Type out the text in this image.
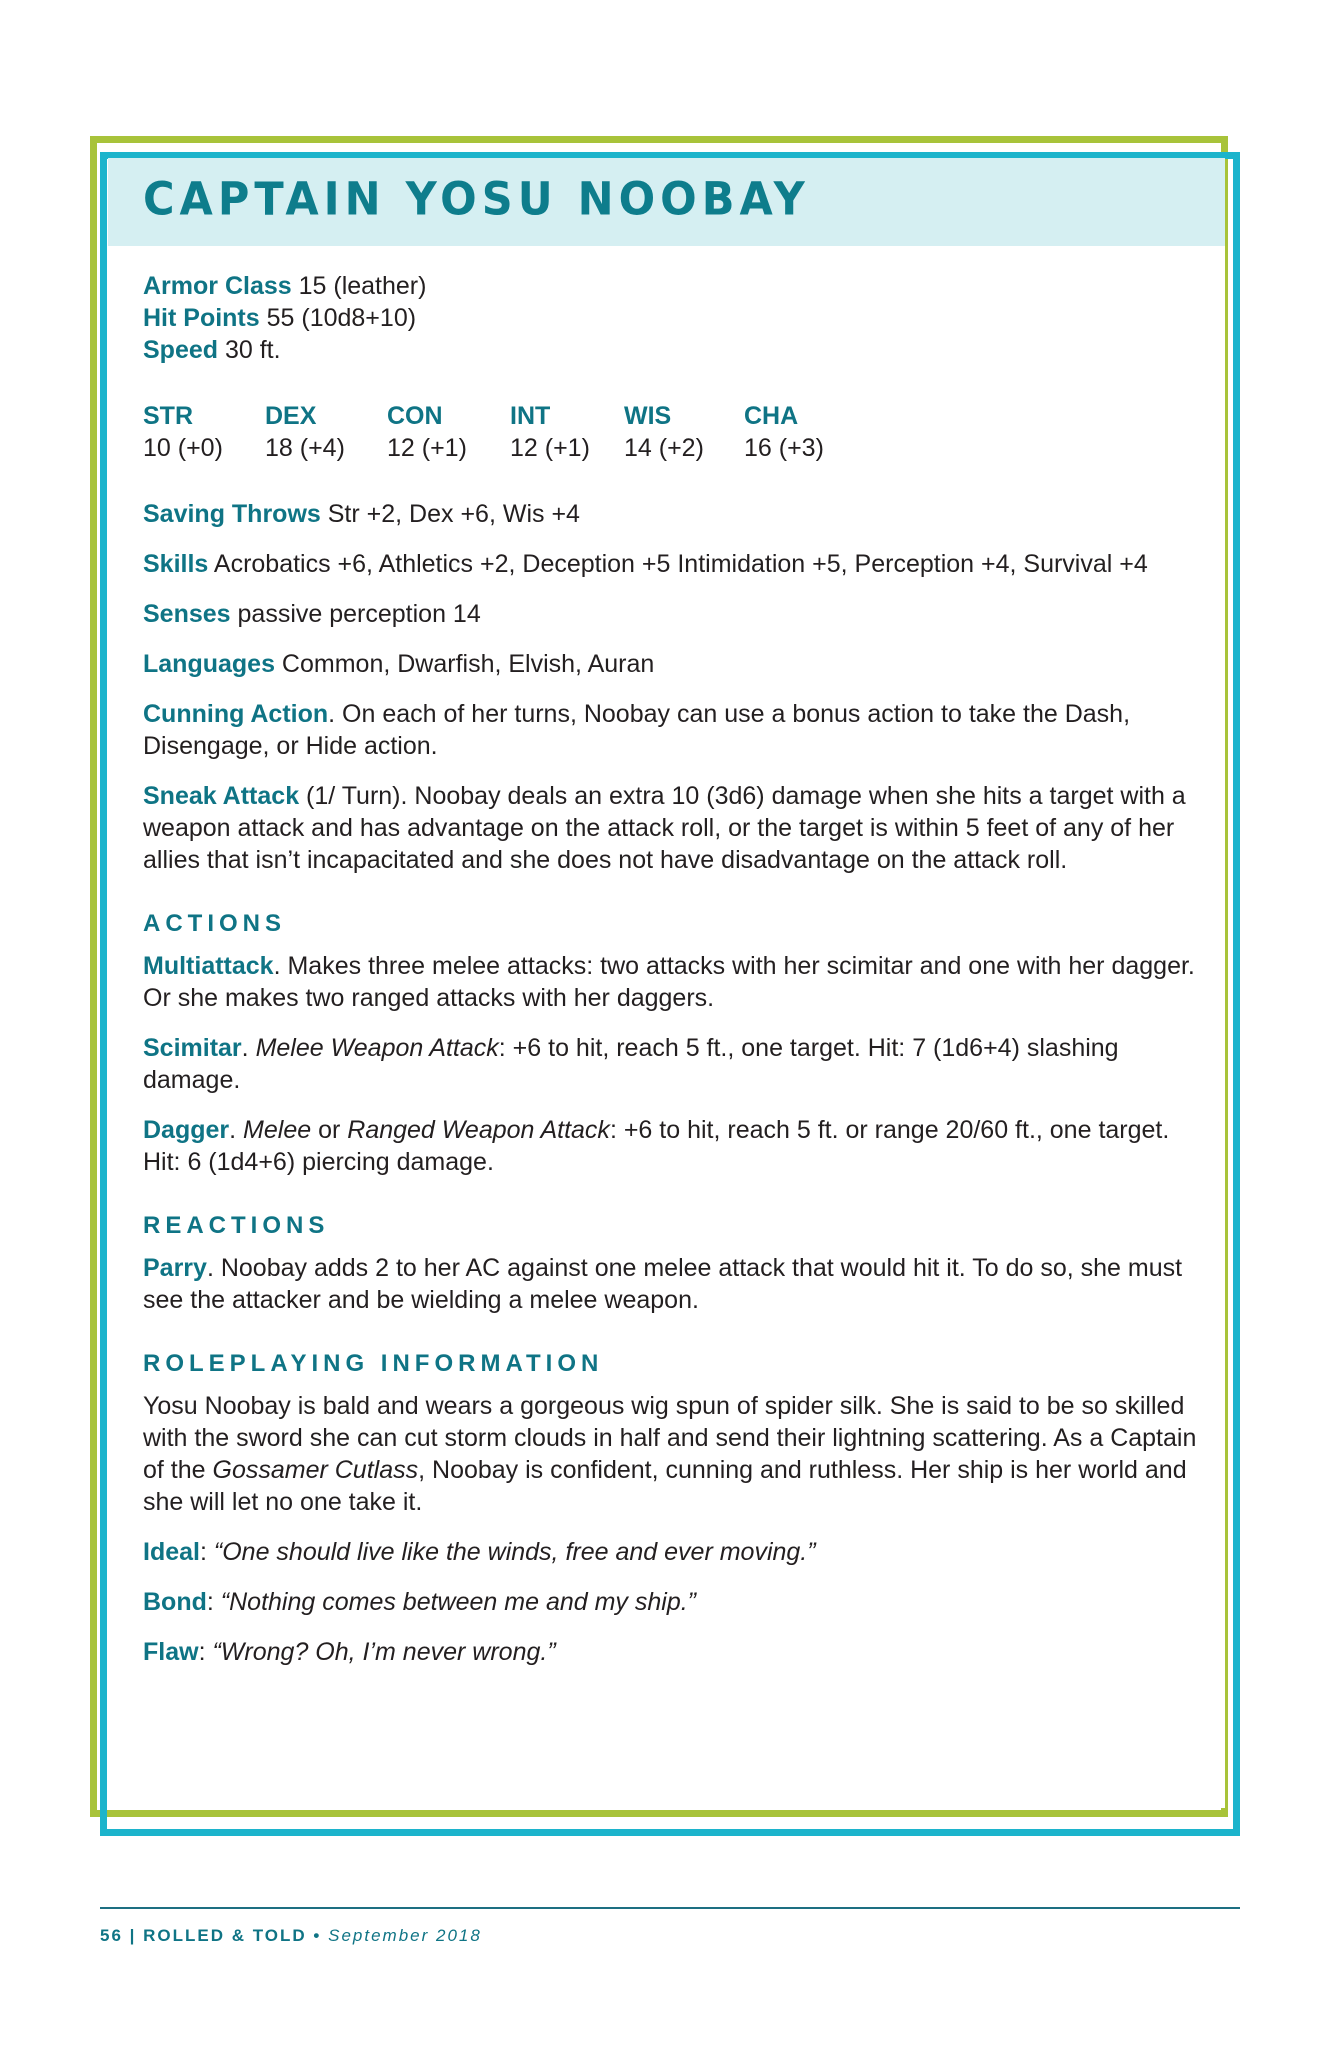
CAPTAIN YOSU NOOBAY

Armor Class 15 (leather)

Hit Points 55 (10d8+10)

Speed 30 ft.

STR
10 (+0)
DEX
18 (+4)
CON
12 (+1)
INT
12 (+1)
WIS
14 (+2)
CHA
16 (+3)

Saving Throws Str +2, Dex +6, Wis +4

Skills Acrobatics +6, Athletics +2, Deception +5 Intimidation +5, Perception +4, Survival +4

Senses passive perception 14

Languages Common, Dwarfish, Elvish, Auran

Cunning Action. On each of her turns, Noobay can use a bonus action to take the Dash, Disengage, or Hide action.

Sneak Attack (1/ Turn). Noobay deals an extra 10 (3d6) damage when she hits a target with a weapon attack and has advantage on the attack roll, or the target is within 5 feet of any of her allies that isn’t incapacitated and she does not have disadvantage on the attack roll.

ACTIONS

Multiattack. Makes three melee attacks: two attacks with her scimitar and one with her dagger. Or she makes two ranged attacks with her daggers.

Scimitar. Melee Weapon Attack: +6 to hit, reach 5 ft., one target. Hit: 7 (1d6+4) slashing damage.

Dagger. Melee or Ranged Weapon Attack: +6 to hit, reach 5 ft. or range 20/60 ft., one target. Hit: 6 (1d4+6) piercing damage.

REACTIONS

Parry. Noobay adds 2 to her AC against one melee attack that would hit it. To do so, she must see the attacker and be wielding a melee weapon.

ROLEPLAYING INFORMATION

Yosu Noobay is bald and wears a gorgeous wig spun of spider silk. She is said to be so skilled with the sword she can cut storm clouds in half and send their lightning scattering. As a Captain of the Gossamer Cutlass, Noobay is confident, cunning and ruthless. Her ship is her world and she will let no one take it.

Ideal: “One should live like the winds, free and ever moving.”

Bond: “Nothing comes between me and my ship.”

Flaw: “Wrong? Oh, I’m never wrong.”

56 | ROLLED & TOLD • September 2018
